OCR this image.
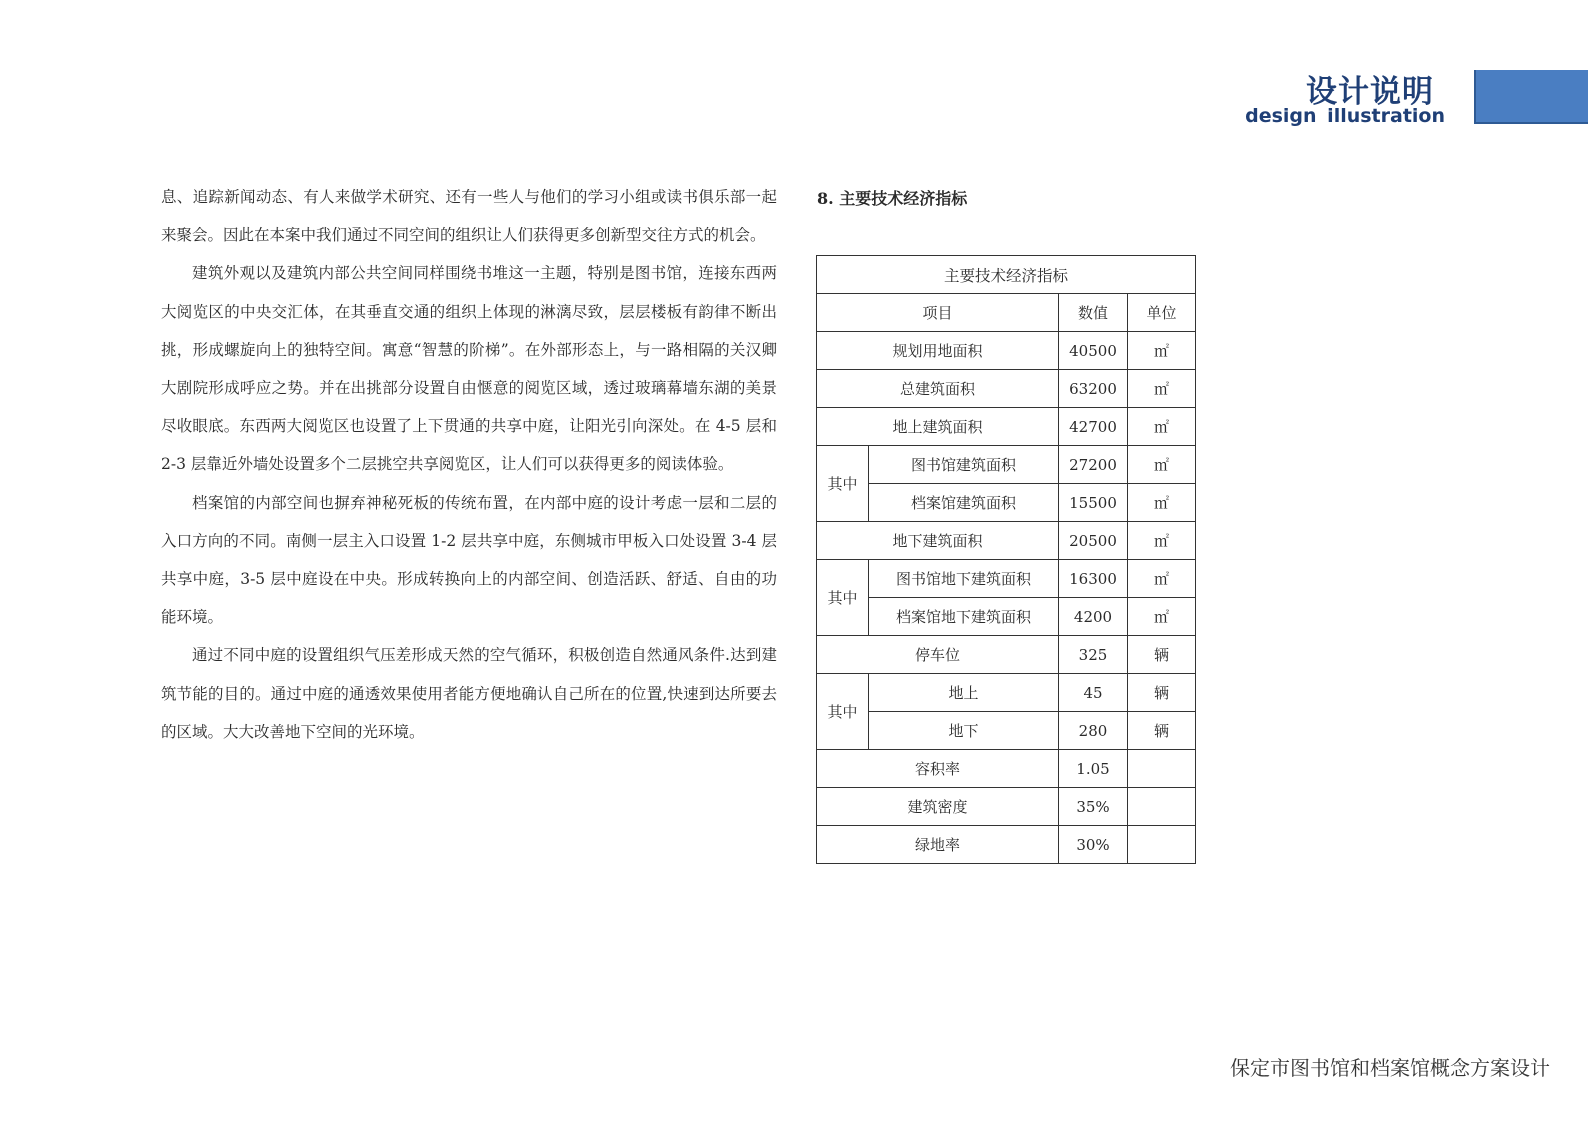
设计说明
design illustration

息、追踪新闻动态、有人来做学术研究、还有一些人与他们的学习小组或读书俱乐部一起来聚会。因此在本案中我们通过不同空间的组织让人们获得更多创新型交往方式的机会。

建筑外观以及建筑内部公共空间同样围绕书堆这一主题，特别是图书馆，连接东西两大阅览区的中央交汇体，在其垂直交通的组织上体现的淋漓尽致，层层楼板有韵律不断出挑，形成螺旋向上的独特空间。寓意“智慧的阶梯”。在外部形态上，与一路相隔的关汉卿大剧院形成呼应之势。并在出挑部分设置自由惬意的阅览区域，透过玻璃幕墙东湖的美景尽收眼底。东西两大阅览区也设置了上下贯通的共享中庭，让阳光引向深处。在 4-5 层和 2-3 层靠近外墙处设置多个二层挑空共享阅览区，让人们可以获得更多的阅读体验。

档案馆的内部空间也摒弃神秘死板的传统布置，在内部中庭的设计考虑一层和二层的入口方向的不同。南侧一层主入口设置 1-2 层共享中庭，东侧城市甲板入口处设置 3-4 层共享中庭，3-5 层中庭设在中央。形成转换向上的内部空间、创造活跃、舒适、自由的功能环境。

通过不同中庭的设置组织气压差形成天然的空气循环，积极创造自然通风条件.达到建筑节能的目的。通过中庭的通透效果使用者能方便地确认自己所在的位置,快速到达所要去的区域。大大改善地下空间的光环境。

8. 主要技术经济指标
主要技术经济指标			
项目		数值	单位
规划用地面积		40500	㎡
总建筑面积		63200	㎡
地上建筑面积		42700	㎡
其中	图书馆建筑面积	27200	㎡
	档案馆建筑面积	15500	㎡
地下建筑面积		20500	㎡
其中	图书馆地下建筑面积	16300	㎡
	档案馆地下建筑面积	4200	㎡
停车位		325	辆
其中	地上	45	辆
	地下	280	辆
容积率		1.05	
建筑密度		35%	
绿地率		30%	
保定市图书馆和档案馆概念方案设计
